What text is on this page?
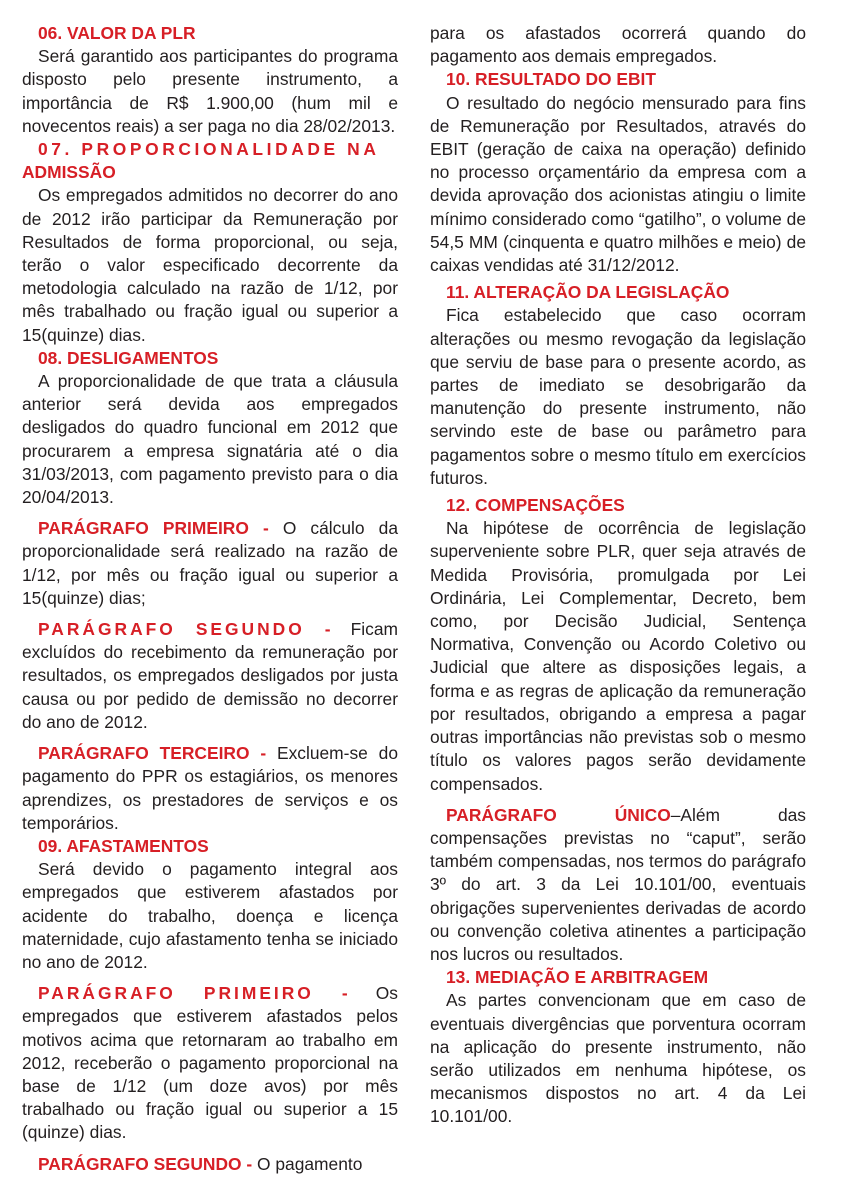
06. VALOR DA PLR

Será garantido aos participantes do programa disposto pelo presente instrumento, a importância de R$ 1.900,00 (hum mil e novecentos reais) a ser paga no dia 28/02/2013.

07. PROPORCIONALIDADE NA
ADMISSÃO

Os empregados admitidos no decorrer do ano de 2012 irão participar da Remuneração por Resultados de forma proporcional, ou seja, terão o valor especificado decorrente da metodologia calculado na razão de 1/12, por mês trabalhado ou fração igual ou superior a 15(quinze) dias.

08. DESLIGAMENTOS

A proporcionalidade de que trata a cláusula anterior será devida aos empregados desligados do quadro funcional em 2012 que procurarem a empresa signatária até o dia 31/03/2013, com pagamento previsto para o dia 20/04/2013.

PARÁGRAFO PRIMEIRO - O cálculo da proporcionalidade será realizado na razão de 1/12, por mês ou fração igual ou superior a 15(quinze) dias;

PARÁGRAFO SEGUNDO - Ficam excluídos do recebimento da remuneração por resultados, os empregados desligados por justa causa ou por pedido de demissão no decorrer do ano de 2012.

PARÁGRAFO TERCEIRO - Excluem-se do pagamento do PPR os estagiários, os menores aprendizes, os prestadores de serviços e os temporários.

09. AFASTAMENTOS

Será devido o pagamento integral aos empregados que estiverem afastados por acidente do trabalho, doença e licença maternidade, cujo afastamento tenha se iniciado no ano de 2012.

PARÁGRAFO PRIMEIRO - Os empregados que estiverem afastados pelos motivos acima que retornaram ao trabalho em 2012, receberão o pagamento proporcional na base de 1/12 (um doze avos) por mês trabalhado ou fração igual ou superior a 15 (quinze) dias.

PARÁGRAFO SEGUNDO - O pagamento

para os afastados ocorrerá quando do pagamento aos demais empregados.

10. RESULTADO DO EBIT

O resultado do negócio mensurado para fins de Remuneração por Resultados, através do EBIT (geração de caixa na operação) definido no processo orçamentário da empresa com a devida aprovação dos acionistas atingiu o limite mínimo considerado como “gatilho”, o volume de 54,5 MM (cinquenta e quatro milhões e meio) de caixas vendidas até 31/12/2012.

11. ALTERAÇÃO DA LEGISLAÇÃO

Fica estabelecido que caso ocorram alterações ou mesmo revogação da legislação que serviu de base para o presente acordo, as partes de imediato se desobrigarão da manutenção do presente instrumento, não servindo este de base ou parâmetro para pagamentos sobre o mesmo título em exercícios futuros.

12. COMPENSAÇÕES

Na hipótese de ocorrência de legislação superveniente sobre PLR, quer seja através de Medida Provisória, promulgada por Lei Ordinária, Lei Complementar, Decreto, bem como, por Decisão Judicial, Sentença Normativa, Convenção ou Acordo Coletivo ou Judicial que altere as disposições legais, a forma e as regras de aplicação da remuneração por resultados, obrigando a empresa a pagar outras importâncias não previstas sob o mesmo título os valores pagos serão devidamente compensados.

PARÁGRAFO ÚNICO–Além das compensações previstas no “caput”, serão também compensadas, nos termos do parágrafo 3º do art. 3 da Lei 10.101/00, eventuais obrigações supervenientes derivadas de acordo ou convenção coletiva atinentes a participação nos lucros ou resultados.

13. MEDIAÇÃO E ARBITRAGEM

As partes convencionam que em caso de eventuais divergências que porventura ocorram na aplicação do presente instrumento, não serão utilizados em nenhuma hipótese, os mecanismos dispostos no art. 4 da Lei 10.101/00.
